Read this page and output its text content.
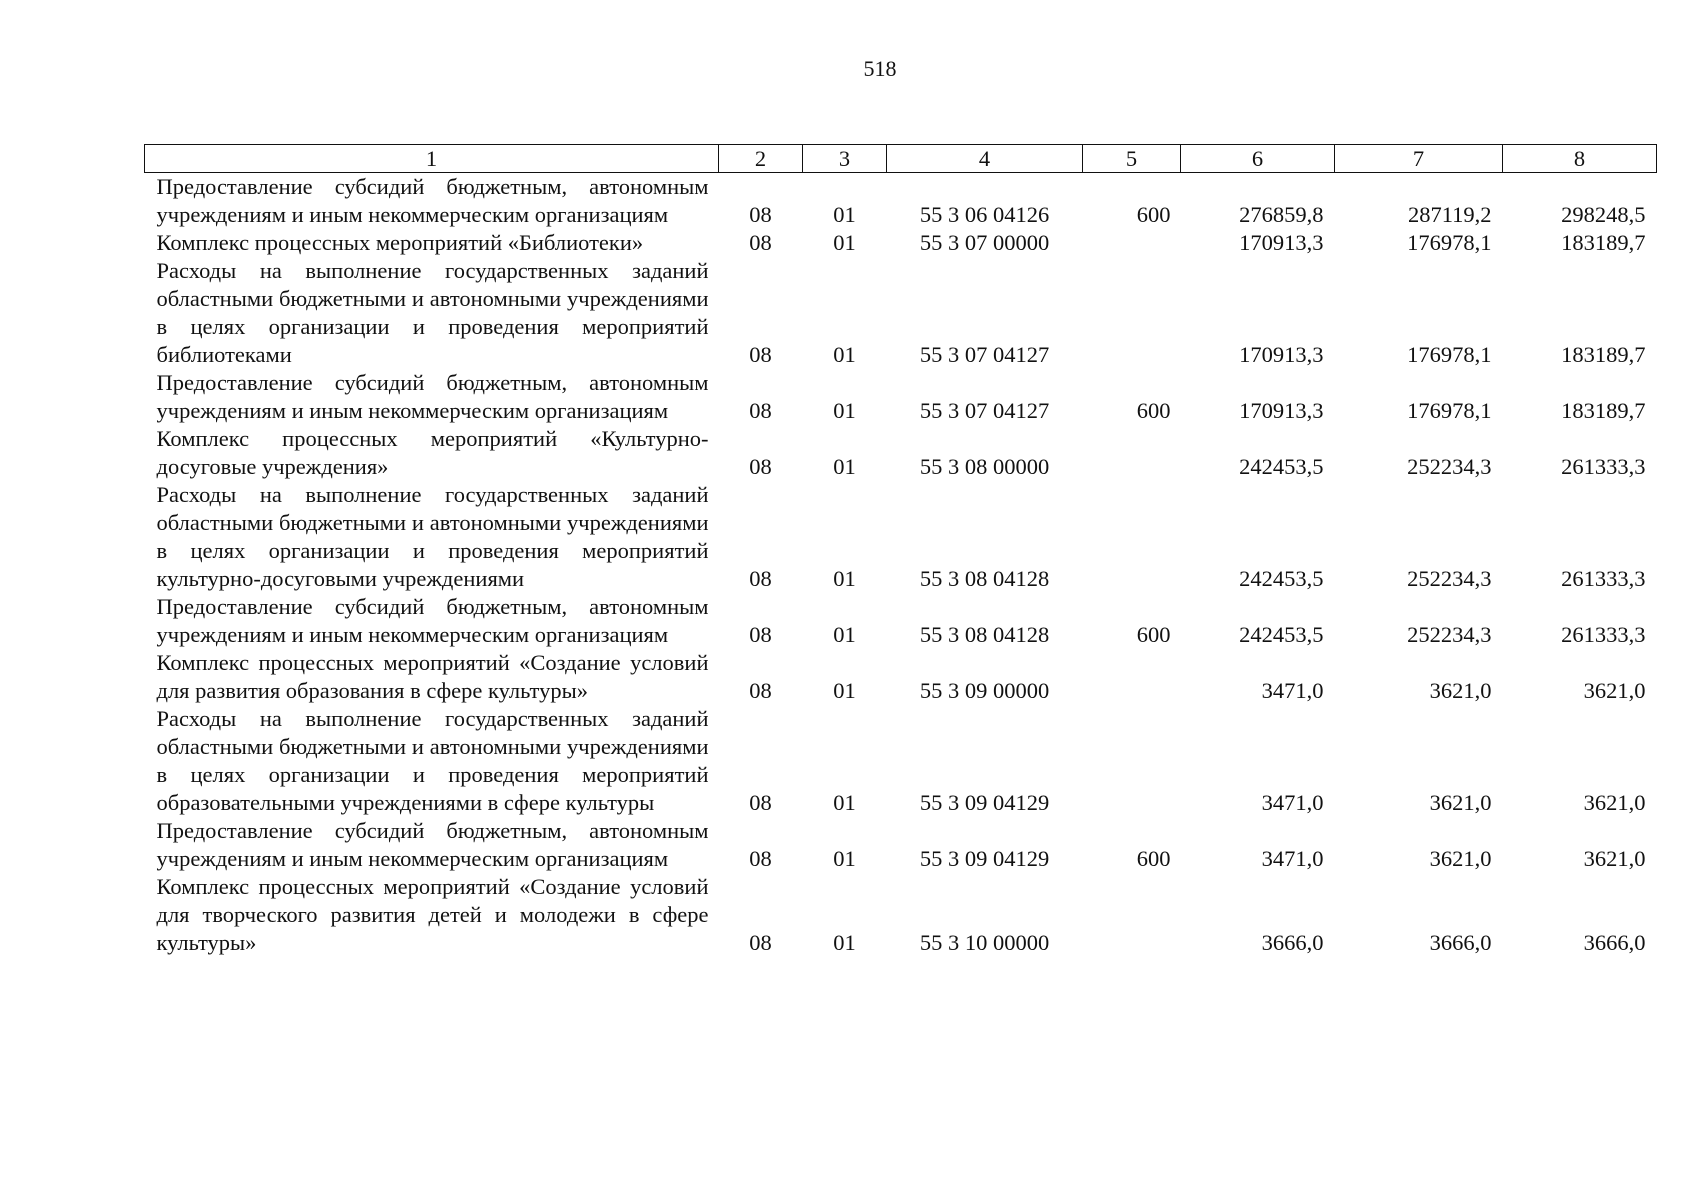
518
1	2	3	4	5	6	7	8
Предоставление субсидий бюджетным, автономным учреждениям и иным некоммерческим организациям	08	01	55 3 06 04126	600	276859,8	287119,2	298248,5
Комплекс процессных мероприятий «Библиотеки»	08	01	55 3 07 00000		170913,3	176978,1	183189,7
Расходы на выполнение государственных заданий областными бюджетными и автономными учреждениями в целях организации и проведения мероприятий библиотеками	08	01	55 3 07 04127		170913,3	176978,1	183189,7
Предоставление субсидий бюджетным, автономным учреждениям и иным некоммерческим организациям	08	01	55 3 07 04127	600	170913,3	176978,1	183189,7
Комплекс процессных мероприятий «Культурно-досуговые учреждения»	08	01	55 3 08 00000		242453,5	252234,3	261333,3
Расходы на выполнение государственных заданий областными бюджетными и автономными учреждениями в целях организации и проведения мероприятий культурно-досуговыми учреждениями	08	01	55 3 08 04128		242453,5	252234,3	261333,3
Предоставление субсидий бюджетным, автономным учреждениям и иным некоммерческим организациям	08	01	55 3 08 04128	600	242453,5	252234,3	261333,3
Комплекс процессных мероприятий «Создание условий для развития образования в сфере культуры»	08	01	55 3 09 00000		3471,0	3621,0	3621,0
Расходы на выполнение государственных заданий областными бюджетными и автономными учреждениями в целях организации и проведения мероприятий образовательными учреждениями в сфере культуры	08	01	55 3 09 04129		3471,0	3621,0	3621,0
Предоставление субсидий бюджетным, автономным учреждениям и иным некоммерческим организациям	08	01	55 3 09 04129	600	3471,0	3621,0	3621,0
Комплекс процессных мероприятий «Создание условий для творческого развития детей и молодежи в сфере культуры»	08	01	55 3 10 00000		3666,0	3666,0	3666,0
